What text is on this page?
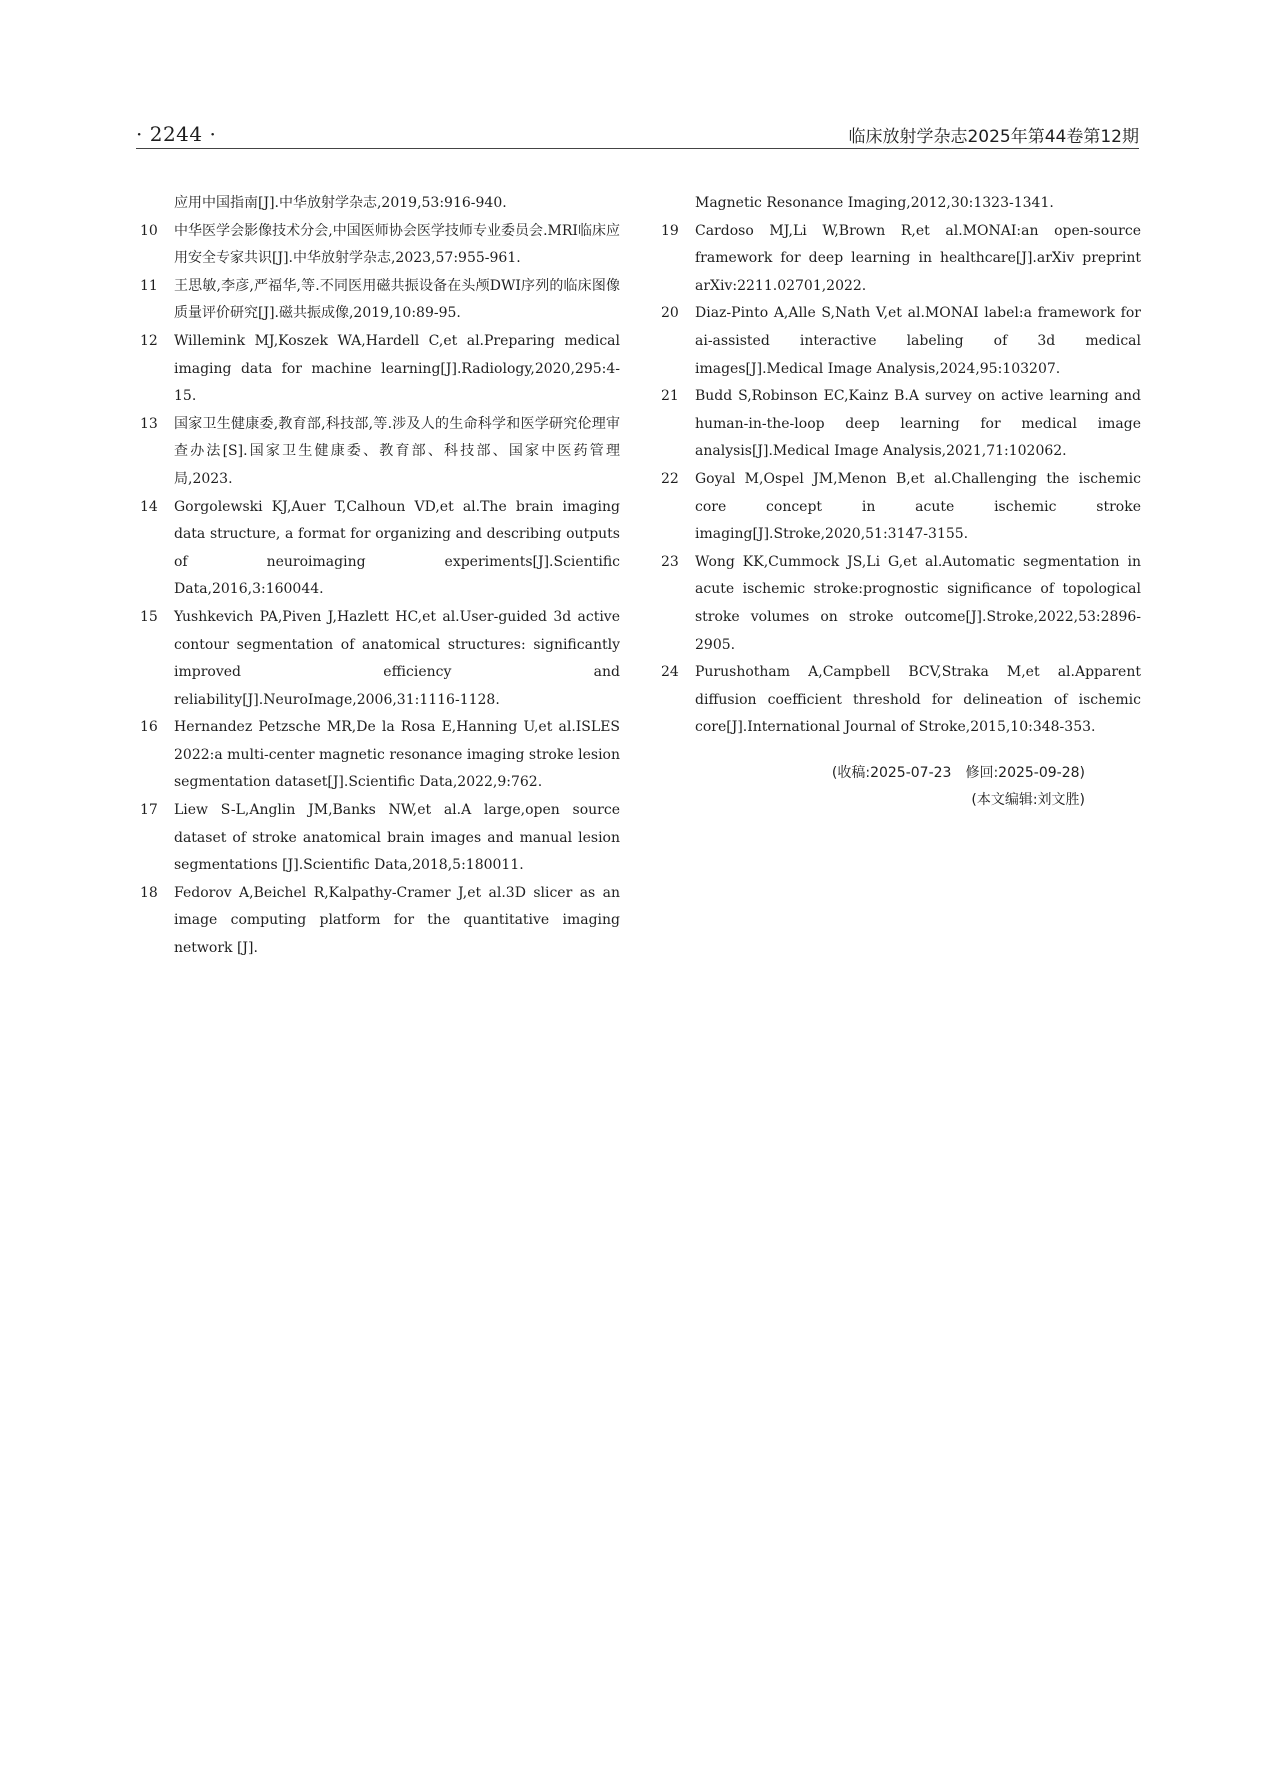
· 2244 ·	临床放射学杂志2025年第44卷第12期
应用中国指南[J].中华放射学杂志,2019,53:916-940.
10 中华医学会影像技术分会,中国医师协会医学技师专业委员会.MRI临床应用安全专家共识[J].中华放射学杂志,2023,57:955-961.
11 王思敏,李彦,严福华,等.不同医用磁共振设备在头颅DWI序列的临床图像质量评价研究[J].磁共振成像,2019,10:89-95.
12 Willemink MJ,Koszek WA,Hardell C,et al.Preparing medical imaging data for machine learning[J].Radiology,2020,295:4-15.
13 国家卫生健康委,教育部,科技部,等.涉及人的生命科学和医学研究伦理审查办法[S].国家卫生健康委、教育部、科技部、国家中医药管理局,2023.
14 Gorgolewski KJ,Auer T,Calhoun VD,et al.The brain imaging data structure, a format for organizing and describing outputs of neuroimaging experiments[J].Scientific Data,2016,3:160044.
15 Yushkevich PA,Piven J,Hazlett HC,et al.User-guided 3d active contour segmentation of anatomical structures: significantly improved efficiency and reliability[J].NeuroImage,2006,31:1116-1128.
16 Hernandez Petzsche MR,De la Rosa E,Hanning U,et al.ISLES 2022:a multi-center magnetic resonance imaging stroke lesion segmentation dataset[J].Scientific Data,2022,9:762.
17 Liew S-L,Anglin JM,Banks NW,et al.A large,open source dataset of stroke anatomical brain images and manual lesion segmentations [J].Scientific Data,2018,5:180011.
18 Fedorov A,Beichel R,Kalpathy-Cramer J,et al.3D slicer as an image computing platform for the quantitative imaging network [J].
Magnetic Resonance Imaging,2012,30:1323-1341.
19 Cardoso MJ,Li W,Brown R,et al.MONAI:an open-source framework for deep learning in healthcare[J].arXiv preprint arXiv:2211.02701,2022.
20 Diaz-Pinto A,Alle S,Nath V,et al.MONAI label:a framework for ai-assisted interactive labeling of 3d medical images[J].Medical Image Analysis,2024,95:103207.
21 Budd S,Robinson EC,Kainz B.A survey on active learning and human-in-the-loop deep learning for medical image analysis[J].Medical Image Analysis,2021,71:102062.
22 Goyal M,Ospel JM,Menon B,et al.Challenging the ischemic core concept in acute ischemic stroke imaging[J].Stroke,2020,51:3147-3155.
23 Wong KK,Cummock JS,Li G,et al.Automatic segmentation in acute ischemic stroke:prognostic significance of topological stroke volumes on stroke outcome[J].Stroke,2022,53:2896-2905.
24 Purushotham A,Campbell BCV,Straka M,et al.Apparent diffusion coefficient threshold for delineation of ischemic core[J].International Journal of Stroke,2015,10:348-353.
(收稿:2025-07-23　修回:2025-09-28)
(本文编辑:刘文胜)
